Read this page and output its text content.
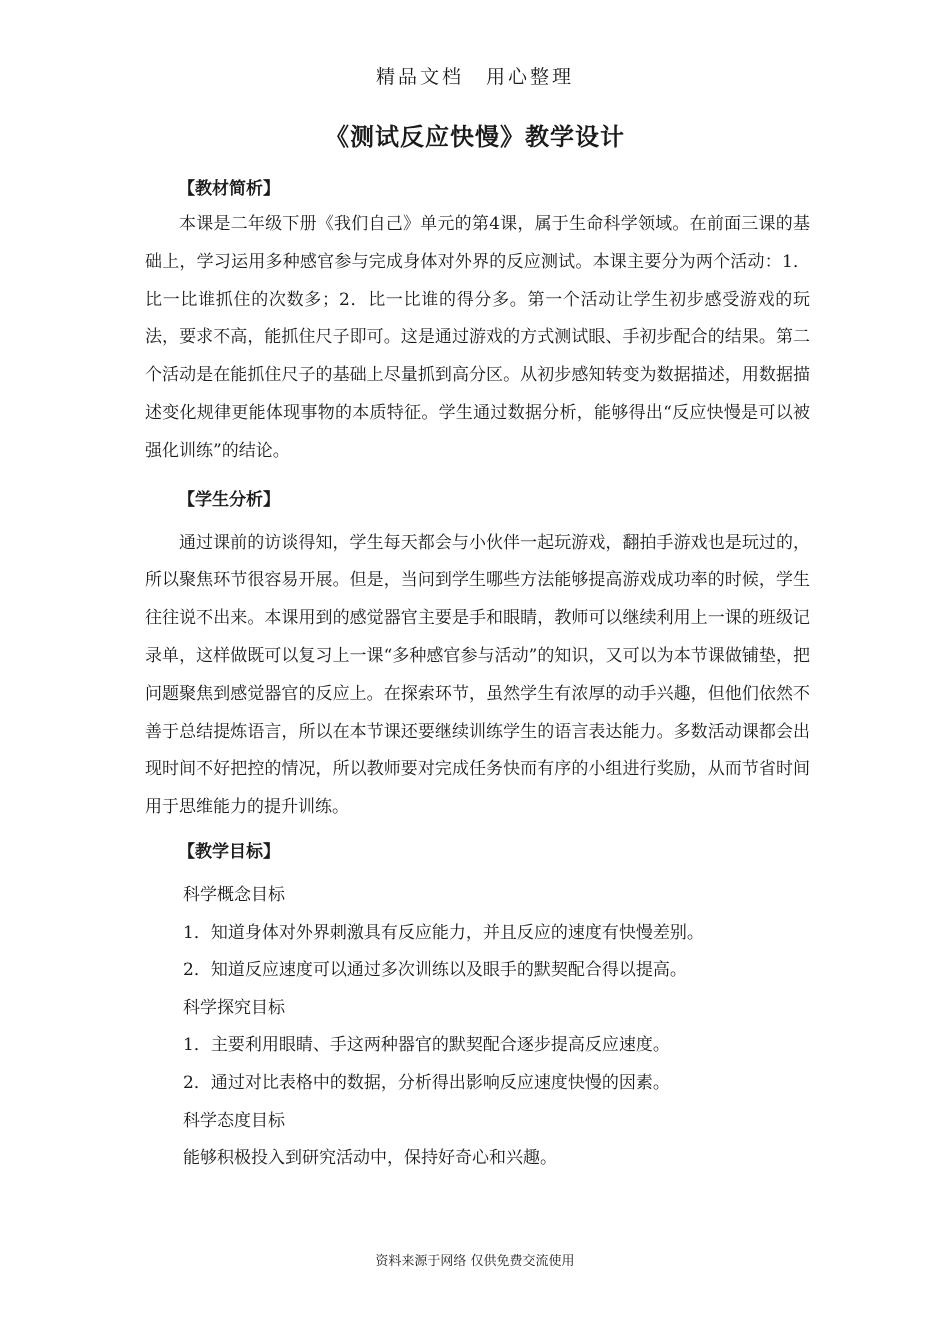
精品文档　用心整理
《测试反应快慢》教学设计
【教材简析】

本课是二年级下册《我们自己》单元的第4课，属于生命科学领域。在前面三课的基础上，学习运用多种感官参与完成身体对外界的反应测试。本课主要分为两个活动：1．比一比谁抓住的次数多；2．比一比谁的得分多。第一个活动让学生初步感受游戏的玩法，要求不高，能抓住尺子即可。这是通过游戏的方式测试眼、手初步配合的结果。第二个活动是在能抓住尺子的基础上尽量抓到高分区。从初步感知转变为数据描述，用数据描述变化规律更能体现事物的本质特征。学生通过数据分析，能够得出“反应快慢是可以被强化训练”的结论。

【学生分析】

通过课前的访谈得知，学生每天都会与小伙伴一起玩游戏，翻拍手游戏也是玩过的，所以聚焦环节很容易开展。但是，当问到学生哪些方法能够提高游戏成功率的时候，学生往往说不出来。本课用到的感觉器官主要是手和眼睛，教师可以继续利用上一课的班级记录单，这样做既可以复习上一课“多种感官参与活动”的知识，又可以为本节课做铺垫，把问题聚焦到感觉器官的反应上。在探索环节，虽然学生有浓厚的动手兴趣，但他们依然不善于总结提炼语言，所以在本节课还要继续训练学生的语言表达能力。多数活动课都会出现时间不好把控的情况，所以教师要对完成任务快而有序的小组进行奖励，从而节省时间用于思维能力的提升训练。

【教学目标】
科学概念目标
1．知道身体对外界刺激具有反应能力，并且反应的速度有快慢差别。
2．知道反应速度可以通过多次训练以及眼手的默契配合得以提高。
科学探究目标
1．主要利用眼睛、手这两种器官的默契配合逐步提高反应速度。
2．通过对比表格中的数据，分析得出影响反应速度快慢的因素。
科学态度目标
能够积极投入到研究活动中，保持好奇心和兴趣。
资料来源于网络 仅供免费交流使用
